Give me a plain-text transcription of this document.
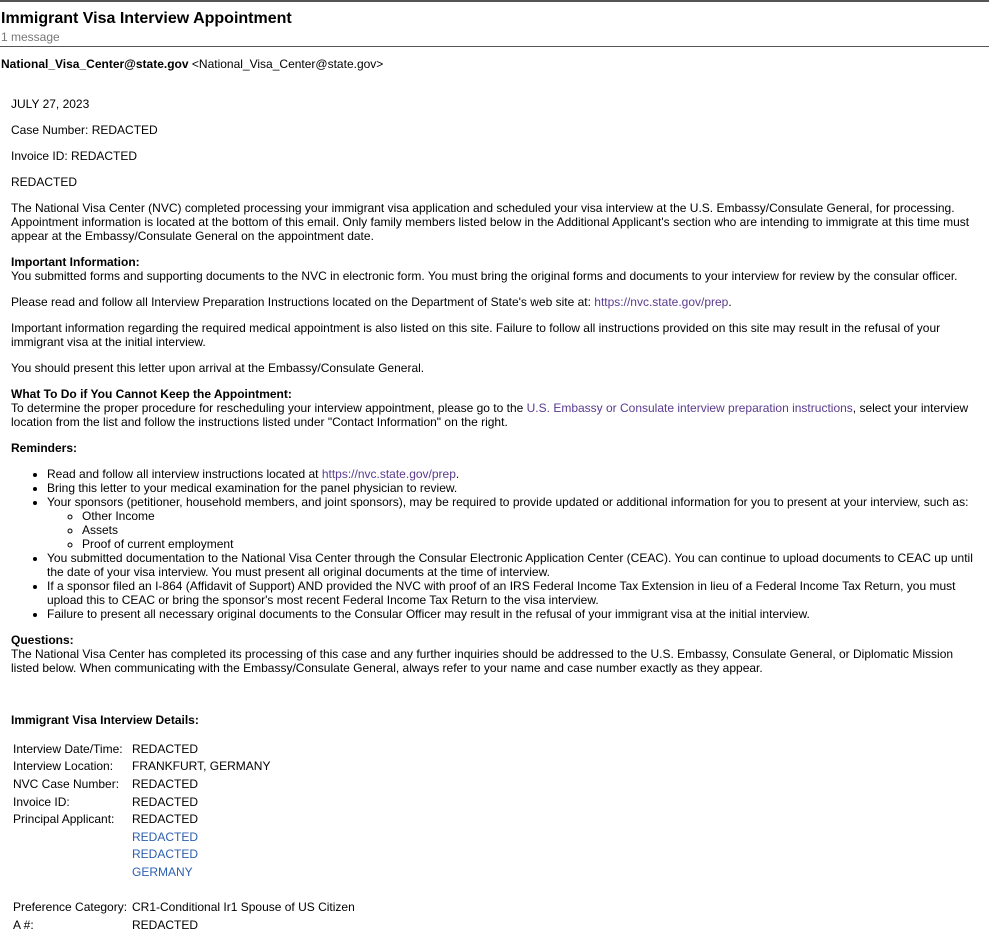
Immigrant Visa Interview Appointment
1 message
National_Visa_Center@state.gov <National_Visa_Center@state.gov>

JULY 27, 2023

Case Number: REDACTED

Invoice ID: REDACTED

REDACTED

The National Visa Center (NVC) completed processing your immigrant visa application and scheduled your visa interview at the U.S. Embassy/Consulate General, for processing. Appointment information is located at the bottom of this email. Only family members listed below in the Additional Applicant's section who are intending to immigrate at this time must appear at the Embassy/Consulate General on the appointment date.

Important Information:

You submitted forms and supporting documents to the NVC in electronic form. You must bring the original forms and documents to your interview for review by the consular officer.

Please read and follow all Interview Preparation Instructions located on the Department of State's web site at: https://nvc.state.gov/prep.

Important information regarding the required medical appointment is also listed on this site. Failure to follow all instructions provided on this site may result in the refusal of your immigrant visa at the initial interview.

You should present this letter upon arrival at the Embassy/Consulate General.

What To Do if You Cannot Keep the Appointment:

To determine the proper procedure for rescheduling your interview appointment, please go to the U.S. Embassy or Consulate interview preparation instructions, select your interview location from the list and follow the instructions listed under "Contact Information" on the right.

Reminders:

• Read and follow all interview instructions located at https://nvc.state.gov/prep.
• Bring this letter to your medical examination for the panel physician to review.
• Your sponsors (petitioner, household members, and joint sponsors), may be required to provide updated or additional information for you to present at your interview, such as:
◦ Other Income
◦ Assets
◦ Proof of current employment
• You submitted documentation to the National Visa Center through the Consular Electronic Application Center (CEAC). You can continue to upload documents to CEAC up until the date of your visa interview. You must present all original documents at the time of interview.
• If a sponsor filed an I-864 (Affidavit of Support) AND provided the NVC with proof of an IRS Federal Income Tax Extension in lieu of a Federal Income Tax Return, you must upload this to CEAC or bring the sponsor's most recent Federal Income Tax Return to the visa interview.
• Failure to present all necessary original documents to the Consular Officer may result in the refusal of your immigrant visa at the initial interview.

Questions:

The National Visa Center has completed its processing of this case and any further inquiries should be addressed to the U.S. Embassy, Consulate General, or Diplomatic Mission listed below. When communicating with the Embassy/Consulate General, always refer to your name and case number exactly as they appear.

Immigrant Visa Interview Details:

Interview Date/Time:	REDACTED
Interview Location:	FRANKFURT, GERMANY
NVC Case Number:	REDACTED
Invoice ID:	REDACTED
Principal Applicant:	REDACTED
	REDACTED
	REDACTED
	GERMANY

Preference Category:	CR1-Conditional Ir1 Spouse of US Citizen
A #:	REDACTED
